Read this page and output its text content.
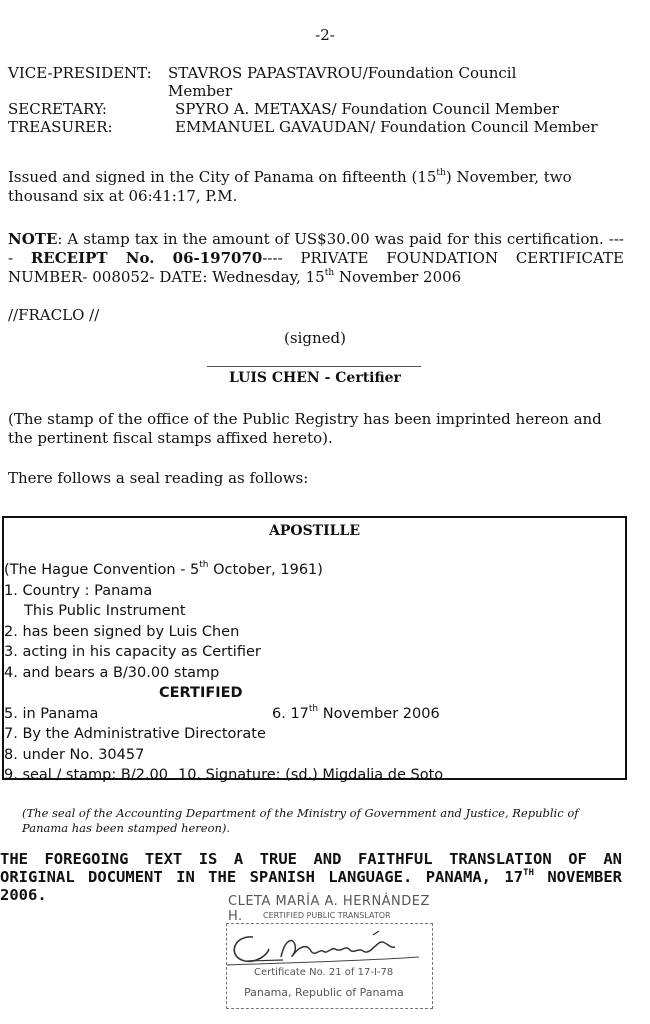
-2-
VICE-PRESIDENT:	STAVROS PAPASTAVROU/Foundation Council
Member
SECRETARY:	SPYRO A. METAXAS/ Foundation Council Member
TREASURER:	EMMANUEL GAVAUDAN/ Foundation Council Member
Issued and signed in the City of Panama on fifteenth (15th) November, two thousand six at 06:41:17, P.M.
NOTE: A stamp tax in the amount of US$30.00 was paid for this certification. ---- RECEIPT No. 06-197070---- PRIVATE FOUNDATION CERTIFICATE NUMBER- 008052- DATE: Wednesday, 15th November 2006
//FRACLO //
(signed)
LUIS CHEN - Certifier
(The stamp of the office of the Public Registry has been imprinted hereon and the pertinent fiscal stamps affixed hereto).
There follows a seal reading as follows:
APOSTILLE
(The Hague Convention - 5th October, 1961)
1. Country : Panama
This Public Instrument
2. has been signed by Luis Chen
3. acting in his capacity as Certifier
4. and bears a B/30.00 stamp
CERTIFIED
5. in Panama	6. 17th November 2006
7. By the Administrative Directorate
8. under No. 30457
9. seal / stamp: B/2.00 10. Signature: (sd.) Migdalia de Soto
(The seal of the Accounting Department of the Ministry of Government and Justice, Republic of Panama has been stamped hereon).
THE FOREGOING TEXT IS A TRUE AND FAITHFUL TRANSLATION OF AN ORIGINAL DOCUMENT IN THE SPANISH LANGUAGE. PANAMA, 17TH NOVEMBER 2006.	CLETA MARÍA A. HERNÁNDEZ H.	CERTIFIED PUBLIC TRANSLATOR
Certificate No. 21 of 17-I-78
Panama, Republic of Panama
